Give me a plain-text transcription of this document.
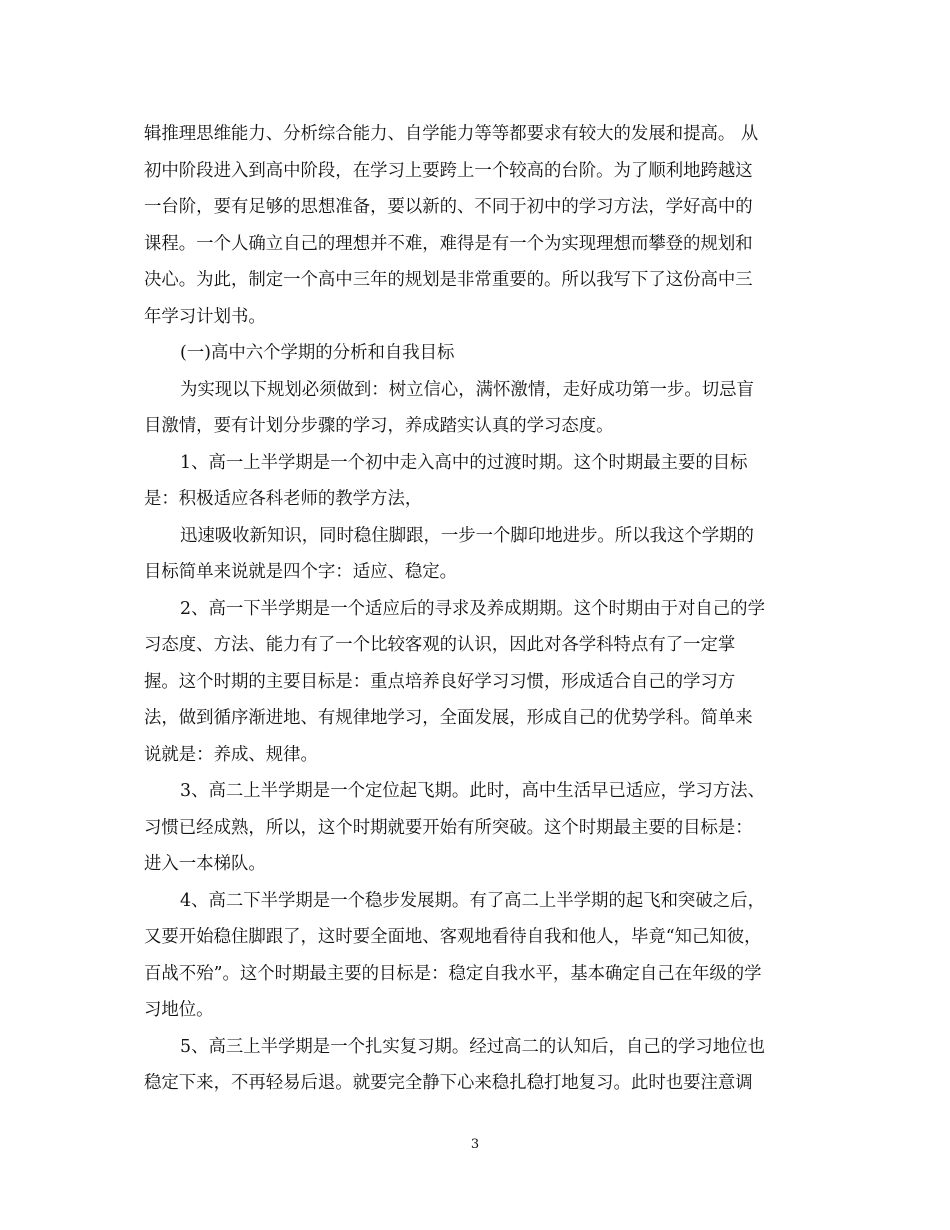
辑推理思维能力、分析综合能力、自学能力等等都要求有较大的发展和提高。 从
初中阶段进入到高中阶段，在学习上要跨上一个较高的台阶。为了顺利地跨越这
一台阶，要有足够的思想准备，要以新的、不同于初中的学习方法，学好高中的
课程。一个人确立自己的理想并不难，难得是有一个为实现理想而攀登的规划和
决心。为此，制定一个高中三年的规划是非常重要的。所以我写下了这份高中三
年学习计划书。
(一)高中六个学期的分析和自我目标
为实现以下规划必须做到：树立信心，满怀激情，走好成功第一步。切忌盲
目激情，要有计划分步骤的学习，养成踏实认真的学习态度。
1、高一上半学期是一个初中走入高中的过渡时期。这个时期最主要的目标
是：积极适应各科老师的教学方法，
迅速吸收新知识，同时稳住脚跟，一步一个脚印地进步。所以我这个学期的
目标简单来说就是四个字：适应、稳定。
2、高一下半学期是一个适应后的寻求及养成期期。这个时期由于对自己的学
习态度、方法、能力有了一个比较客观的认识，因此对各学科特点有了一定掌
握。这个时期的主要目标是：重点培养良好学习习惯，形成适合自己的学习方
法，做到循序渐进地、有规律地学习，全面发展，形成自己的优势学科。简单来
说就是：养成、规律。
3、高二上半学期是一个定位起飞期。此时，高中生活早已适应，学习方法、
习惯已经成熟，所以，这个时期就要开始有所突破。这个时期最主要的目标是：
进入一本梯队。
4、高二下半学期是一个稳步发展期。有了高二上半学期的起飞和突破之后，
又要开始稳住脚跟了，这时要全面地、客观地看待自我和他人，毕竟“知己知彼，
百战不殆”。这个时期最主要的目标是：稳定自我水平，基本确定自己在年级的学
习地位。
5、高三上半学期是一个扎实复习期。经过高二的认知后，自己的学习地位也
稳定下来，不再轻易后退。就要完全静下心来稳扎稳打地复习。此时也要注意调
3
